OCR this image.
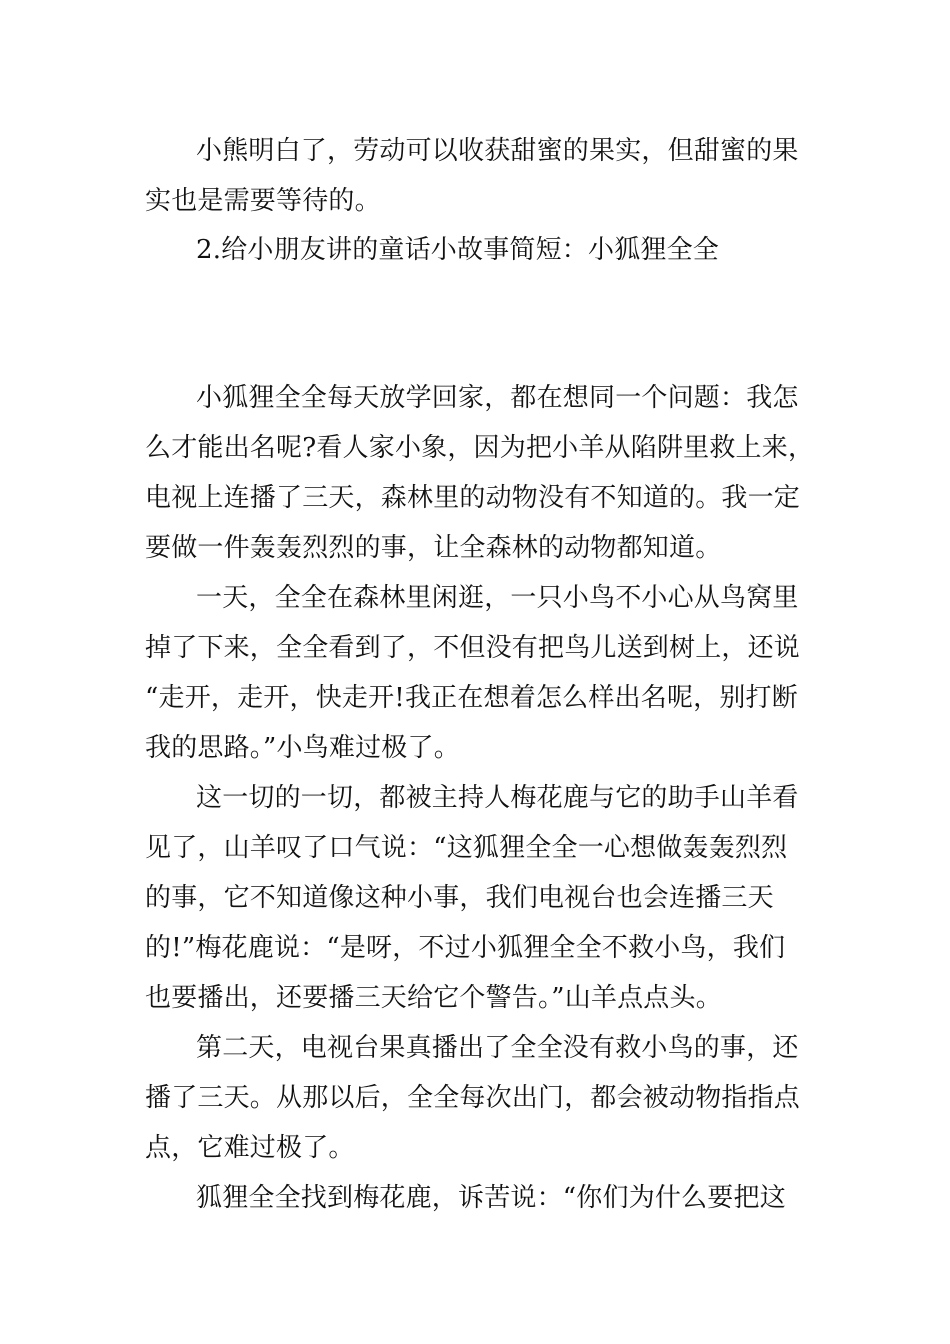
小熊明白了，劳动可以收获甜蜜的果实，但甜蜜的果
实也是需要等待的。
2.给小朋友讲的童话小故事简短：小狐狸全全
小狐狸全全每天放学回家，都在想同一个问题：我怎
么才能出名呢?看人家小象，因为把小羊从陷阱里救上来，
电视上连播了三天，森林里的动物没有不知道的。我一定
要做一件轰轰烈烈的事，让全森林的动物都知道。
一天，全全在森林里闲逛，一只小鸟不小心从鸟窝里
掉了下来，全全看到了，不但没有把鸟儿送到树上，还说
“走开，走开，快走开!我正在想着怎么样出名呢，别打断
我的思路。”小鸟难过极了。
这一切的一切，都被主持人梅花鹿与它的助手山羊看
见了，山羊叹了口气说：“这狐狸全全一心想做轰轰烈烈
的事，它不知道像这种小事，我们电视台也会连播三天
的!”梅花鹿说：“是呀，不过小狐狸全全不救小鸟，我们
也要播出，还要播三天给它个警告。”山羊点点头。
第二天，电视台果真播出了全全没有救小鸟的事，还
播了三天。从那以后，全全每次出门，都会被动物指指点
点，它难过极了。
狐狸全全找到梅花鹿，诉苦说：“你们为什么要把这
